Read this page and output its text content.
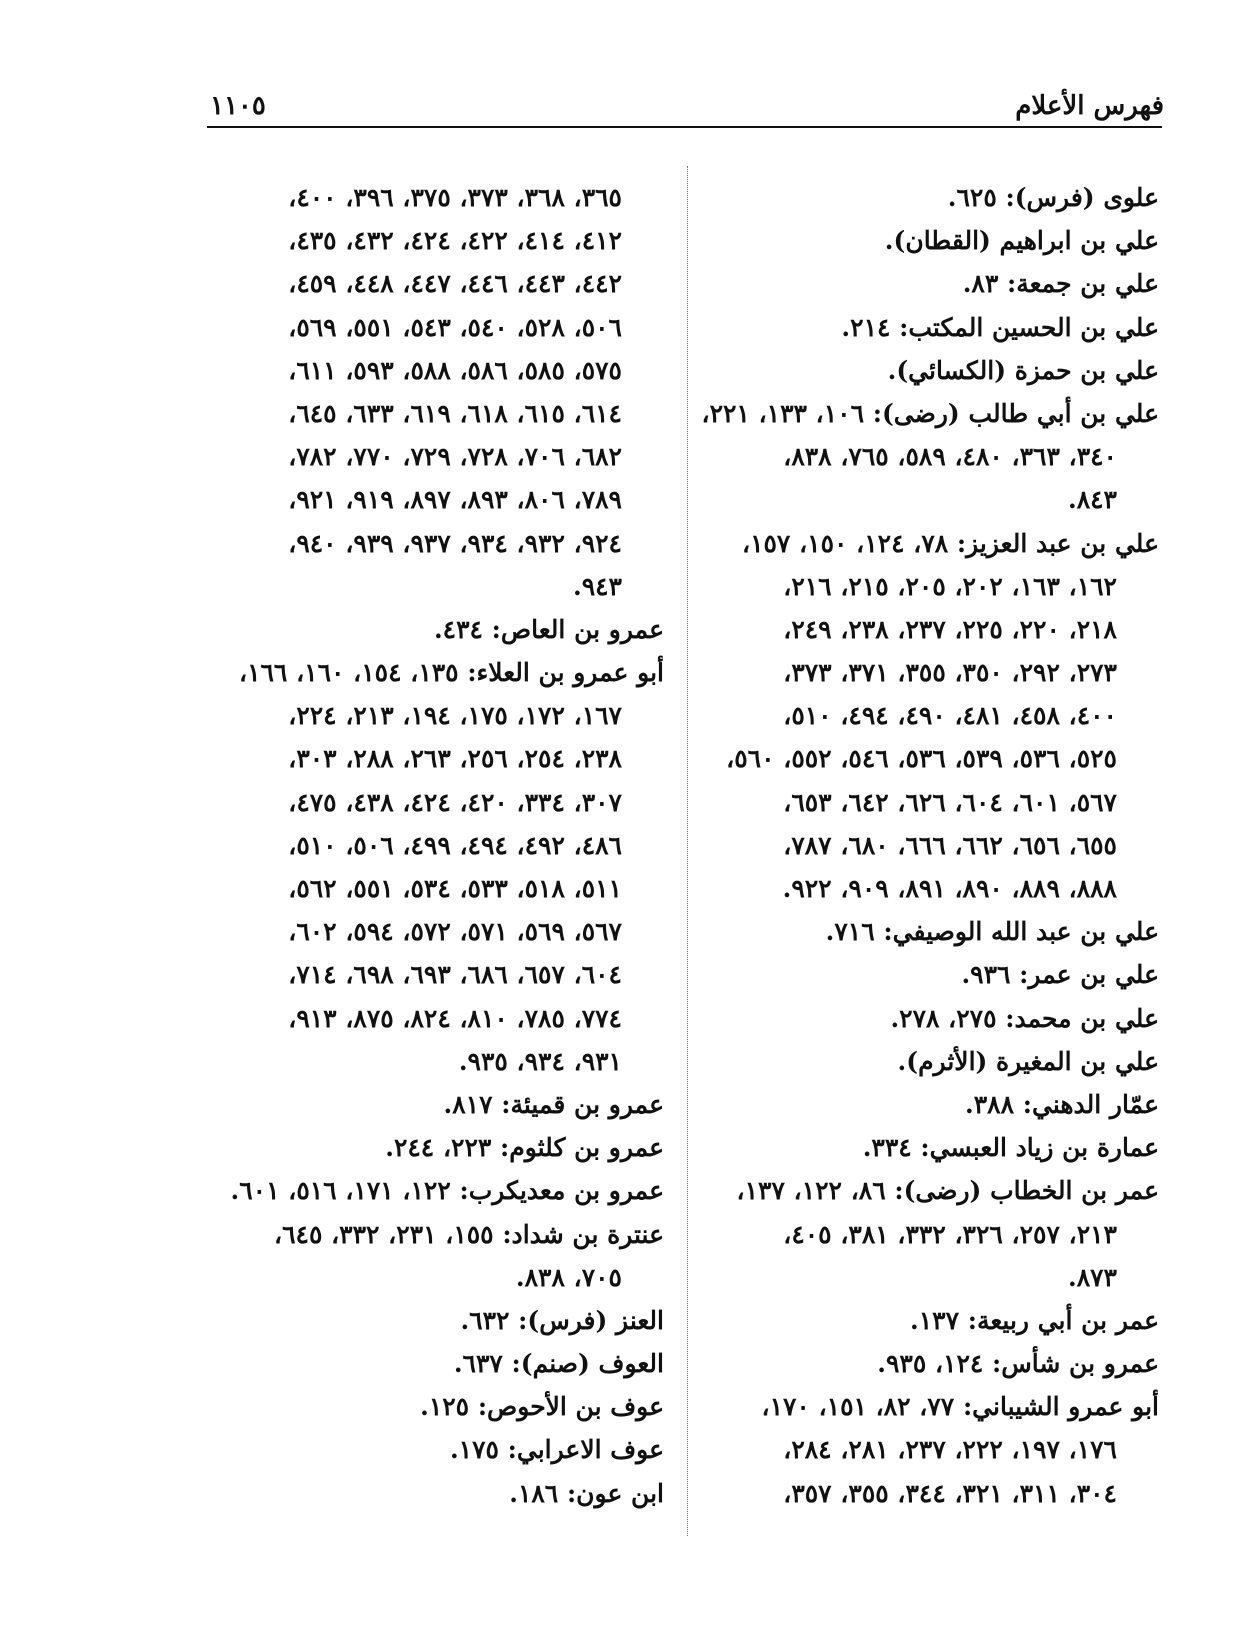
فهرس الأعلام
١١٠٥
علوى (فرس): ٦٢٥.
علي بن ابراهيم (القطان).
علي بن جمعة: ٨٣.
علي بن الحسين المكتب: ٢١٤.
علي بن حمزة (الكسائي).
علي بن أبي طالب (رضى): ١٠٦، ١٣٣، ٢٢١،
٣٤٠، ٣٦٣، ٤٨٠، ٥٨٩، ٧٦٥، ٨٣٨،
٨٤٣.
علي بن عبد العزيز: ٧٨، ١٢٤، ١٥٠، ١٥٧،
١٦٢، ١٦٣، ٢٠٢، ٢٠٥، ٢١٥، ٢١٦،
٢١٨، ٢٢٠، ٢٢٥، ٢٣٧، ٢٣٨، ٢٤٩،
٢٧٣، ٢٩٢، ٣٥٠، ٣٥٥، ٣٧١، ٣٧٣،
٤٠٠، ٤٥٨، ٤٨١، ٤٩٠، ٤٩٤، ٥١٠،
٥٢٥، ٥٣٦، ٥٣٩، ٥٣٦، ٥٤٦، ٥٥٢، ٥٦٠،
٥٦٧، ٦٠١، ٦٠٤، ٦٢٦، ٦٤٢، ٦٥٣،
٦٥٥، ٦٥٦، ٦٦٢، ٦٦٦، ٦٨٠، ٧٨٧،
٨٨٨، ٨٨٩، ٨٩٠، ٨٩١، ٩٠٩، ٩٢٢.
علي بن عبد الله الوصيفي: ٧١٦.
علي بن عمر: ٩٣٦.
علي بن محمد: ٢٧٥، ٢٧٨.
علي بن المغيرة (الأثرم).
عمّار الدهني: ٣٨٨.
عمارة بن زياد العبسي: ٣٣٤.
عمر بن الخطاب (رضى): ٨٦، ١٢٢، ١٣٧،
٢١٣، ٢٥٧، ٣٢٦، ٣٣٢، ٣٨١، ٤٠٥،
٨٧٣.
عمر بن أبي ربيعة: ١٣٧.
عمرو بن شأس: ١٢٤، ٩٣٥.
أبو عمرو الشيباني: ٧٧، ٨٢، ١٥١، ١٧٠،
١٧٦، ١٩٧، ٢٢٢، ٢٣٧، ٢٨١، ٢٨٤،
٣٠٤، ٣١١، ٣٢١، ٣٤٤، ٣٥٥، ٣٥٧،
٣٦٥، ٣٦٨، ٣٧٣، ٣٧٥، ٣٩٦، ٤٠٠،
٤١٢، ٤١٤، ٤٢٢، ٤٢٤، ٤٣٢، ٤٣٥،
٤٤٢، ٤٤٣، ٤٤٦، ٤٤٧، ٤٤٨، ٤٥٩،
٥٠٦، ٥٢٨، ٥٤٠، ٥٤٣، ٥٥١، ٥٦٩،
٥٧٥، ٥٨٥، ٥٨٦، ٥٨٨، ٥٩٣، ٦١١،
٦١٤، ٦١٥، ٦١٨، ٦١٩، ٦٣٣، ٦٤٥،
٦٨٢، ٧٠٦، ٧٢٨، ٧٢٩، ٧٧٠، ٧٨٢،
٧٨٩، ٨٠٦، ٨٩٣، ٨٩٧، ٩١٩، ٩٢١،
٩٢٤، ٩٣٢، ٩٣٤، ٩٣٧، ٩٣٩، ٩٤٠،
٩٤٣.
عمرو بن العاص: ٤٣٤.
أبو عمرو بن العلاء: ١٣٥، ١٥٤، ١٦٠، ١٦٦،
١٦٧، ١٧٢، ١٧٥، ١٩٤، ٢١٣، ٢٢٤،
٢٣٨، ٢٥٤، ٢٥٦، ٢٦٣، ٢٨٨، ٣٠٣،
٣٠٧، ٣٣٤، ٤٢٠، ٤٢٤، ٤٣٨، ٤٧٥،
٤٨٦، ٤٩٢، ٤٩٤، ٤٩٩، ٥٠٦، ٥١٠،
٥١١، ٥١٨، ٥٣٣، ٥٣٤، ٥٥١، ٥٦٢،
٥٦٧، ٥٦٩، ٥٧١، ٥٧٢، ٥٩٤، ٦٠٢،
٦٠٤، ٦٥٧، ٦٨٦، ٦٩٣، ٦٩٨، ٧١٤،
٧٧٤، ٧٨٥، ٨١٠، ٨٢٤، ٨٧٥، ٩١٣،
٩٣١، ٩٣٤، ٩٣٥.
عمرو بن قميئة: ٨١٧.
عمرو بن كلثوم: ٢٢٣، ٢٤٤.
عمرو بن معديكرب: ١٢٢، ١٧١، ٥١٦، ٦٠١.
عنترة بن شداد: ١٥٥، ٢٣١، ٣٣٢، ٦٤٥،
٧٠٥، ٨٣٨.
العنز (فرس): ٦٣٢.
العوف (صنم): ٦٣٧.
عوف بن الأحوص: ١٢٥.
عوف الاعرابي: ١٧٥.
ابن عون: ١٨٦.
